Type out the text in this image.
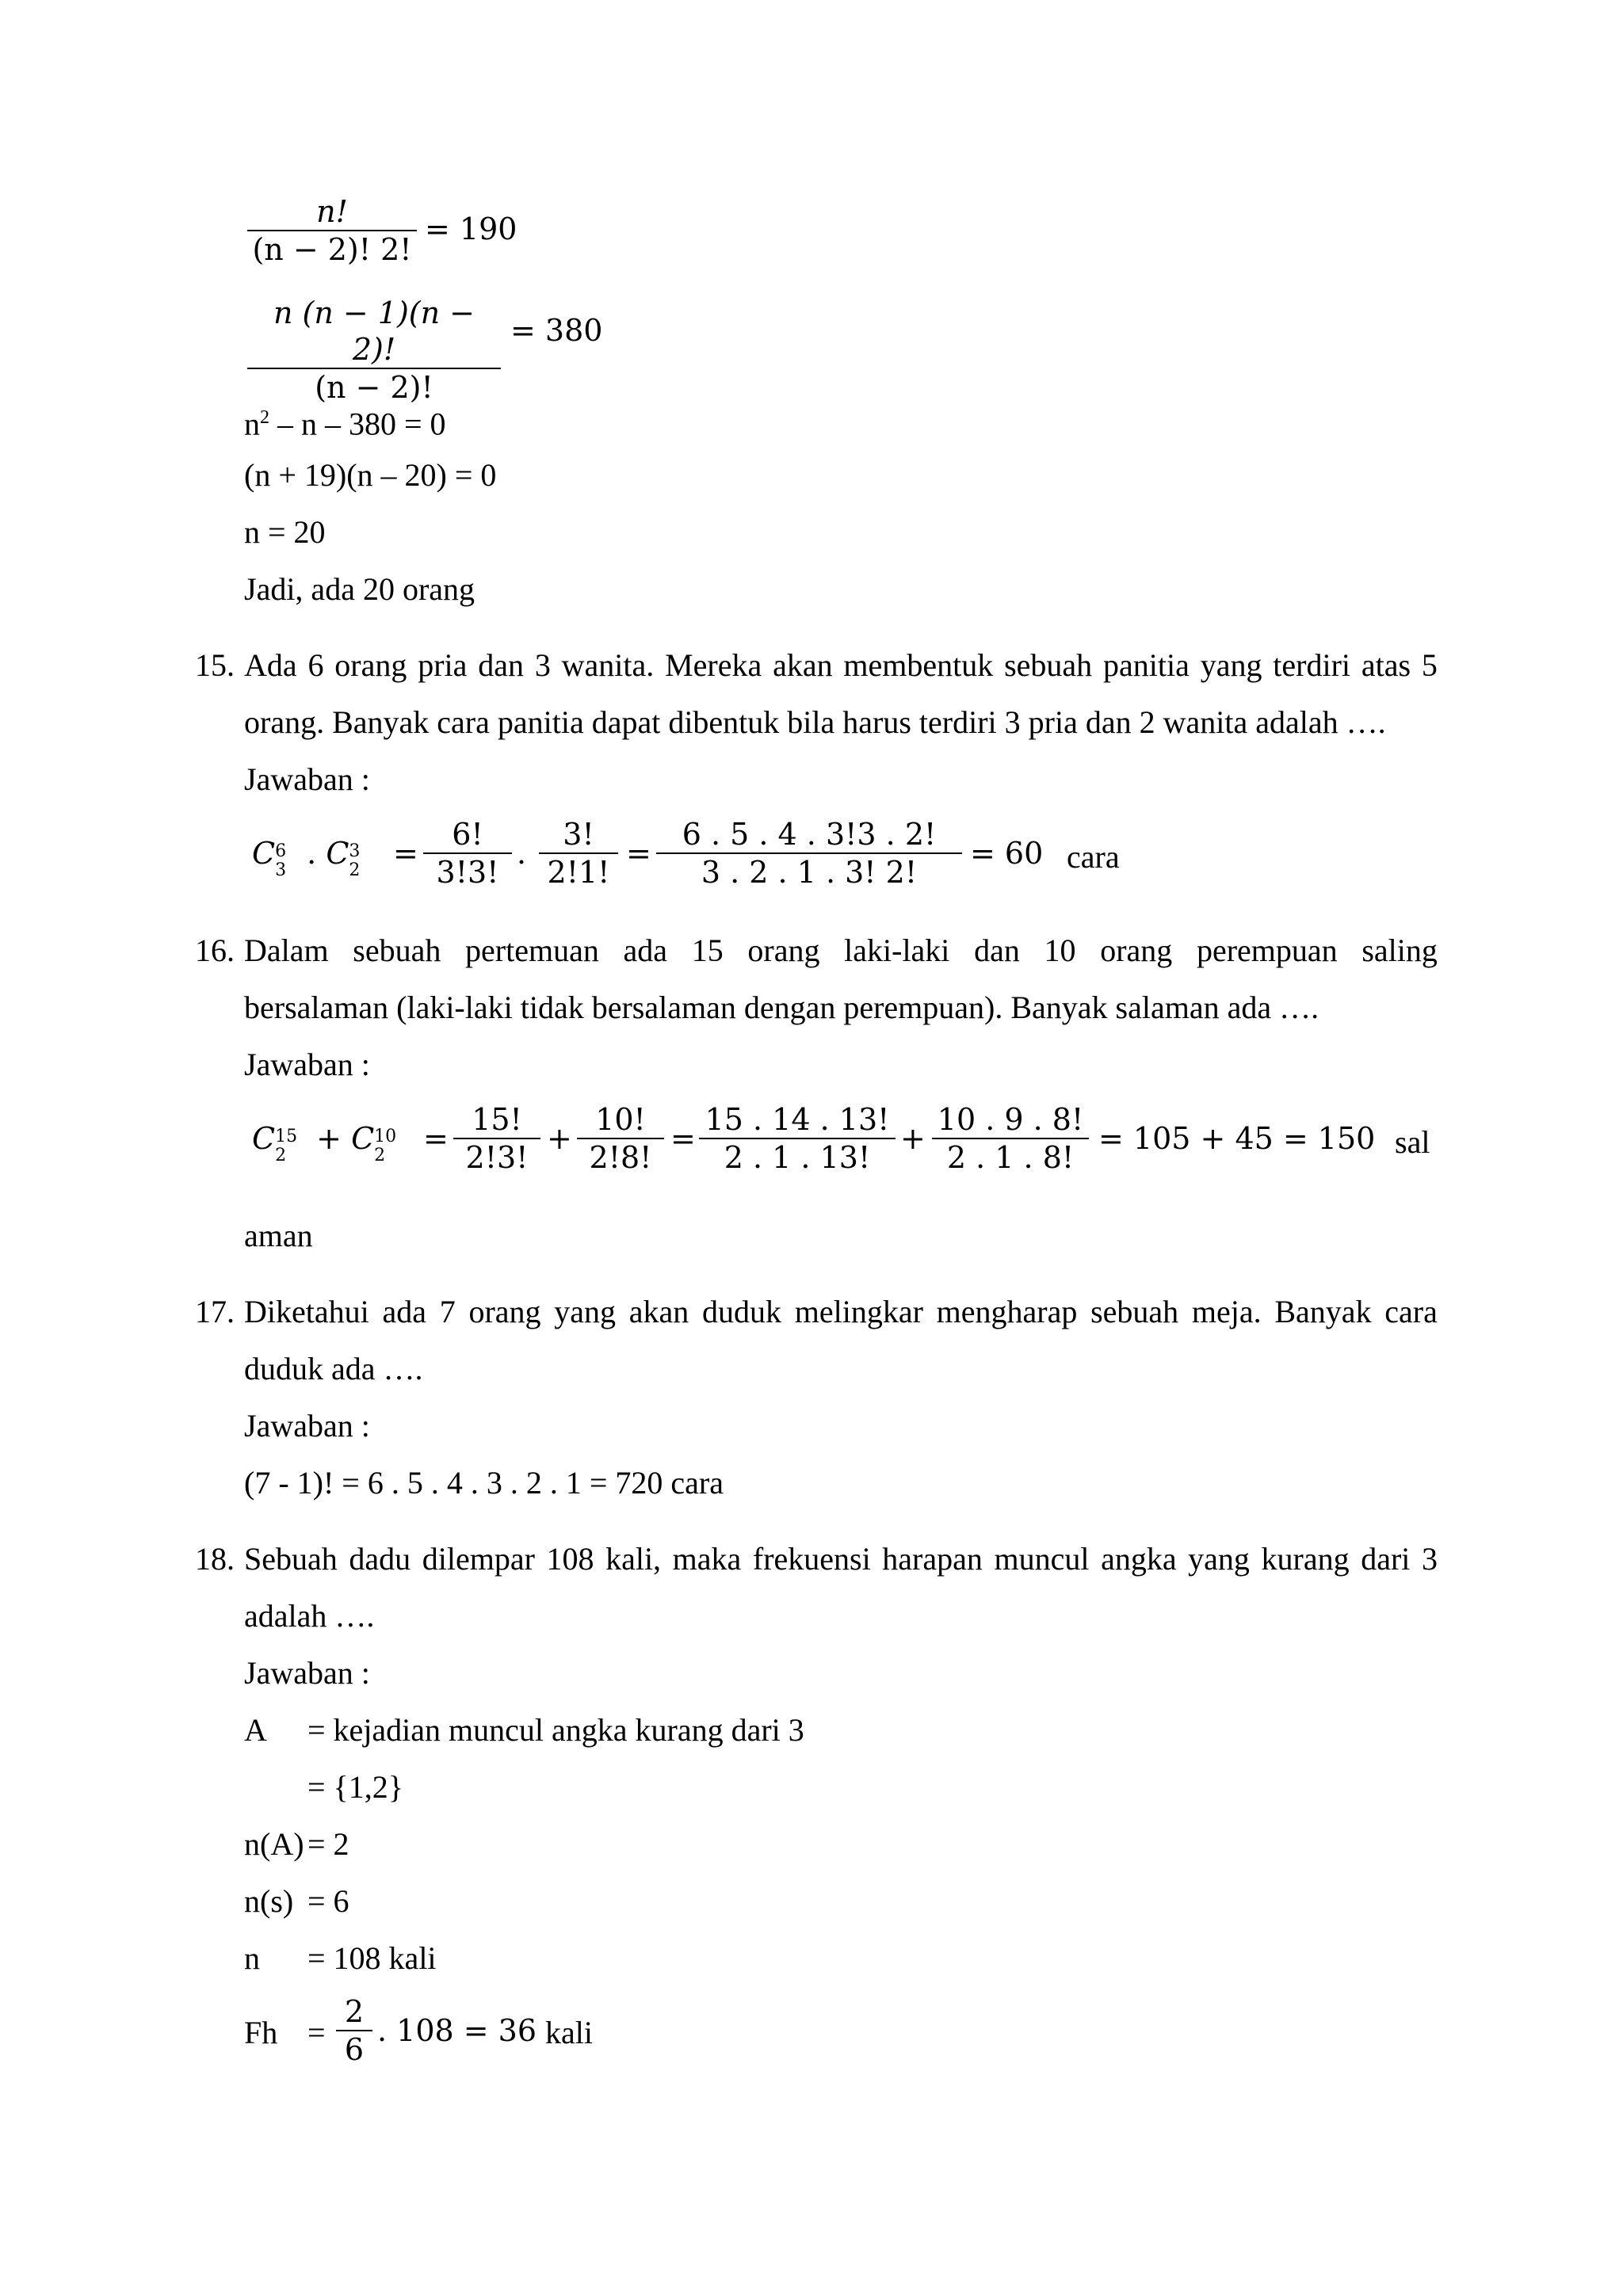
n!
(n − 2)! 2!
= 190
n (n − 1)(n − 2)!
(n − 2)!
= 380
$n^2 - n - 380 = 0$
(n + 19)(n – 20) = 0
n = 20
Jadi, ada 20 orang
15. Ada 6 orang pria dan 3 wanita. Mereka akan membentuk sebuah panitia yang terdiri atas 5
orang. Banyak cara panitia dapat dibentuk bila harus terdiri 3 pria dan 2 wanita adalah ….
Jawaban :
C 6
3 . C 3
2 =
6!
3!3!
.
3!
2!1!
=
6 . 5 . 4 . 3!3 . 2!
3 . 2 . 1 . 3! 2!
= 60 cara
16. Dalam sebuah pertemuan ada 15 orang laki-laki dan 10 orang perempuan saling
bersalaman (laki-laki tidak bersalaman dengan perempuan). Banyak salaman ada ….
Jawaban :
C 15
2 + C 10
2 =
15!
2!3!
+
10!
2!8!
=
15 . 14 . 13!
2 . 1 . 13!
+
10 . 9 . 8!
2 . 1 . 8!
= 105 + 45 = 150 sal
aman
17. Diketahui ada 7 orang yang akan duduk melingkar mengharap sebuah meja. Banyak cara
duduk ada ….
Jawaban :
(7 - 1)! = 6 . 5 . 4 . 3 . 2 . 1 = 720 cara
18. Sebuah dadu dilempar 108 kali, maka frekuensi harapan muncul angka yang kurang dari 3
adalah ….
Jawaban :
A = kejadian muncul angka kurang dari 3
= {1,2}
n(A) = 2
n(s) = 6
n = 108 kali
Fh =
2
6
. 108 = 36 kali
